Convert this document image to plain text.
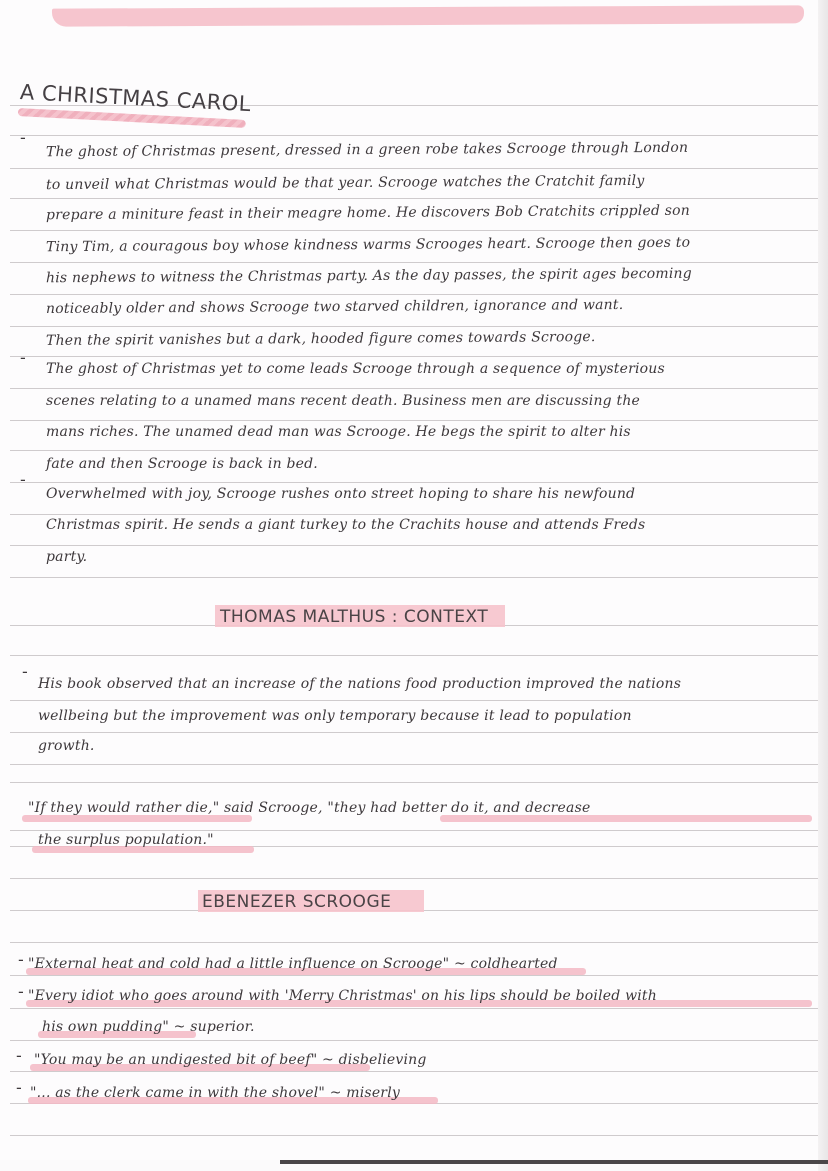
A CHRISTMAS CAROL
-
The ghost of Christmas present, dressed in a green robe takes Scrooge through London
to unveil what Christmas would be that year. Scrooge watches the Cratchit family
prepare a miniture feast in their meagre home. He discovers Bob Cratchits crippled son
Tiny Tim, a couragous boy whose kindness warms Scrooges heart. Scrooge then goes to
his nephews to witness the Christmas party. As the day passes, the spirit ages becoming
noticeably older and shows Scrooge two starved children, ignorance and want.
Then the spirit vanishes but a dark, hooded figure comes towards Scrooge.
-
The ghost of Christmas yet to come leads Scrooge through a sequence of mysterious
scenes relating to a unamed mans recent death. Business men are discussing the
mans riches. The unamed dead man was Scrooge. He begs the spirit to alter his
fate and then Scrooge is back in bed.
-
Overwhelmed with joy, Scrooge rushes onto street hoping to share his newfound
Christmas spirit. He sends a giant turkey to the Crachits house and attends Freds
party.
THOMAS MALTHUS : CONTEXT
-
His book observed that an increase of the nations food production improved the nations
wellbeing but the improvement was only temporary because it lead to population
growth.
"If they would rather die," said Scrooge, "they had better do it, and decrease
the surplus population."
EBENEZER SCROOGE
- "External heat and cold had a little influence on Scrooge" ~ coldhearted
- "Every idiot who goes around with 'Merry Christmas' on his lips should be boiled with
his own pudding" ~ superior.
- "You may be an undigested bit of beef" ~ disbelieving
- "... as the clerk came in with the shovel" ~ miserly
